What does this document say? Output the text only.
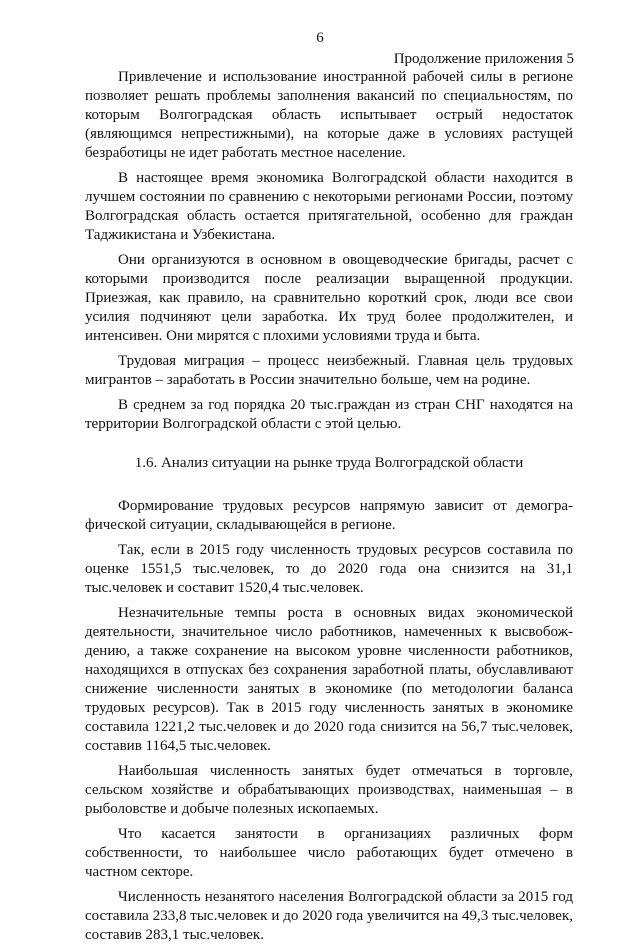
6
Продолжение приложения 5

Привлечение и использование иностранной рабочей силы в регионе позволяет решать проблемы заполнения вакансий по специальностям, по которым Волгоградская область испытывает острый недостаток (являющимся непрестижными), на которые даже в условиях растущей безработицы не идет работать местное население.

В настоящее время экономика Волгоградской области находится в лучшем состоянии по сравнению с некоторыми регионами России, поэтому Волгоградская область остается притягательной, особенно для граждан Таджикистана и Узбекистана.

Они организуются в основном в овощеводческие бригады, расчет с которыми производится после реализации выращенной продукции. Приезжая, как правило, на сравнительно короткий срок, люди все свои усилия подчиняют цели заработка. Их труд более продолжителен, и интенсивен. Они мирятся с плохими условиями труда и быта.

Трудовая миграция – процесс неизбежный. Главная цель трудовых мигрантов – заработать в России значительно больше, чем на родине.

В среднем за год порядка 20 тыс.граждан из стран СНГ находятся на территории Волгоградской области с этой целью.

1.6. Анализ ситуации на рынке труда Волгоградской области

Формирование трудовых ресурсов напрямую зависит от демографической ситуации, складывающейся в регионе.

Так, если в 2015 году численность трудовых ресурсов составила по оценке 1551,5 тыс.человек, то до 2020 года она снизится на 31,1 тыс.человек и составит 1520,4 тыс.человек.

Незначительные темпы роста в основных видах экономической деятельности, значительное число работников, намеченных к высвобождению, а также сохранение на высоком уровне численности работников, находящихся в отпусках без сохранения заработной платы, обуславливают снижение численности занятых в экономике (по методологии баланса трудовых ресурсов). Так в 2015 году численность занятых в экономике составила 1221,2 тыс.человек и до 2020 года снизится на 56,7 тыс.человек, составив 1164,5 тыс.человек.

Наибольшая численность занятых будет отмечаться в торговле, сельском хозяйстве и обрабатывающих производствах, наименьшая – в рыболовстве и добыче полезных ископаемых.

Что касается занятости в организациях различных форм собственности, то наибольшее число работающих будет отмечено в частном секторе.

Численность незанятого населения Волгоградской области за 2015 год составила 233,8 тыс.человек и до 2020 года увеличится на 49,3 тыс.человек, составив 283,1 тыс.человек.
